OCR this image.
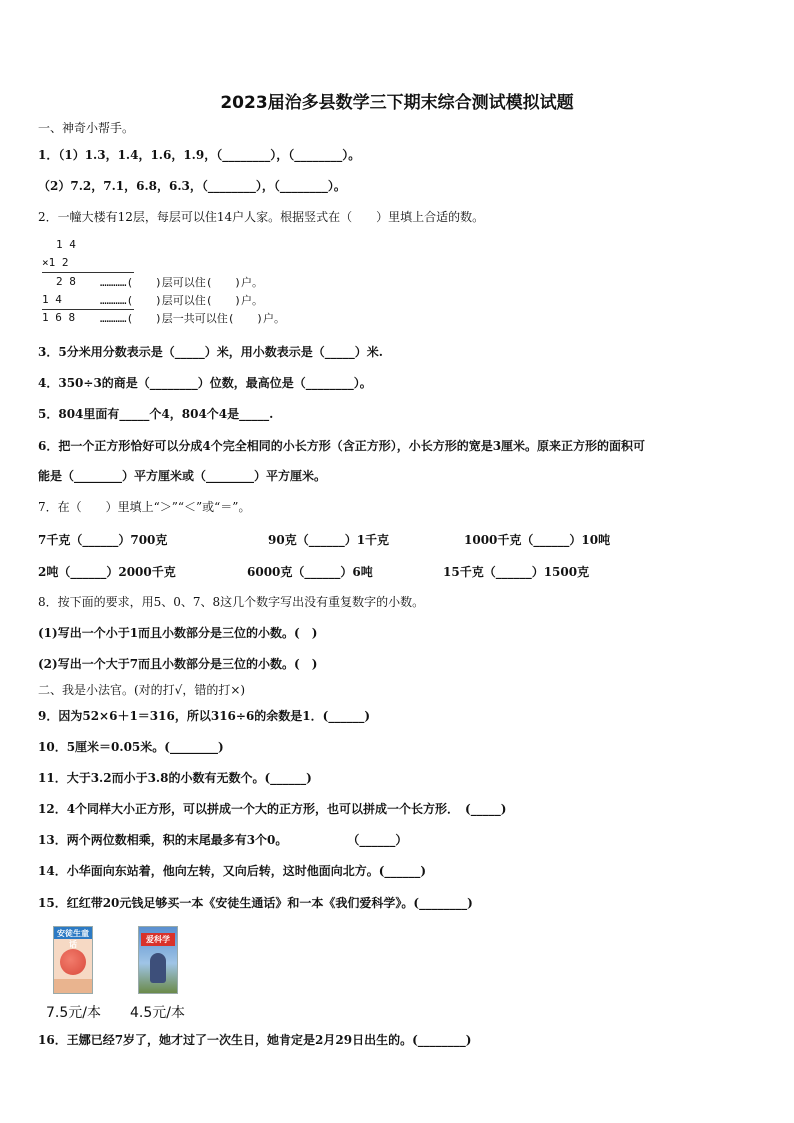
2023届治多县数学三下期末综合测试模拟试题
一、神奇小帮手。
1．（1）1.3，1.4，1.6，1.9，（________），（________）。
（2）7.2，7.1，6.8，6.3，（________），（________）。
2．一幢大楼有12层，每层可以住14户人家。根据竖式在（　　）里填上合适的数。
1 4
×1 2
2 8 …………(　　)层可以住(　　)户。
1 4	…………(　　)层可以住(　　)户。
1 6 8 …………(　　)层一共可以住(　　)户。
3．5分米用分数表示是（_____）米，用小数表示是（_____）米.
4．350÷3的商是（________）位数，最高位是（________）。
5．804里面有_____个4，804个4是_____.
6．把一个正方形恰好可以分成4个完全相同的小长方形（含正方形），小长方形的宽是3厘米。原来正方形的面积可
能是（________）平方厘米或（________）平方厘米。
7．在（　　）里填上“＞”“＜”或“＝”。
7千克（______）700克	90克（______）1千克	1000千克（______）10吨
2吨（______）2000千克	6000克（______）6吨	15千克（______）1500克
8．按下面的要求，用5、0、7、8这几个数字写出没有重复数字的小数。
(1)写出一个小于1而且小数部分是三位的小数。(　)
(2)写出一个大于7而且小数部分是三位的小数。(　)
二、我是小法官。(对的打√，错的打×)
9．因为52×6＋1＝316，所以316÷6的余数是1．(______)
10．5厘米＝0.05米。(________)
11．大于3.2而小于3.8的小数有无数个。(______)
12．4个同样大小正方形，可以拼成一个大的正方形，也可以拼成一个长方形．　(_____)
13．两个两位数相乘，积的末尾最多有3个0。　　　　　　（______）
14．小华面向东站着，他向左转，又向后转，这时他面向北方。(______)
15．红红带20元钱足够买一本《安徒生通话》和一本《我们爱科学》。(________)
安徒生童话
爱科学
7.5元/本 4.5元/本
16．王娜已经7岁了，她才过了一次生日，她肯定是2月29日出生的。(________)
